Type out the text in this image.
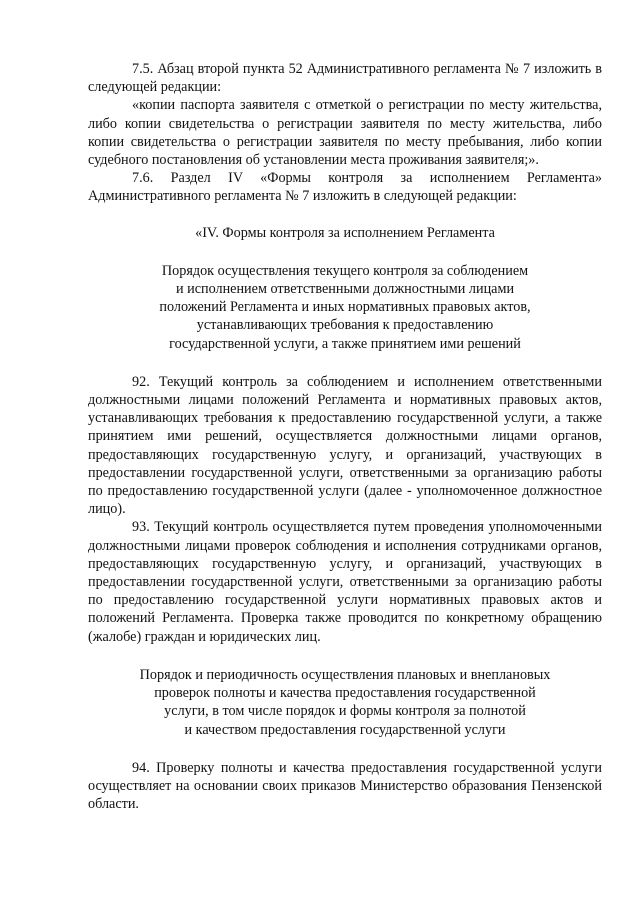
7.5. Абзац второй пункта 52 Административного регламента № 7 изложить в следующей редакции:

«копии паспорта заявителя с отметкой о регистрации по месту жительства, либо копии свидетельства о регистрации заявителя по месту жительства, либо копии свидетельства о регистрации заявителя по месту пребывания, либо копии судебного постановления об установлении места проживания заявителя;».

7.6. Раздел IV «Формы контроля за исполнением Регламента» Административного регламента № 7 изложить в следующей редакции:

«IV. Формы контроля за исполнением Регламента

Порядок осуществления текущего контроля за соблюдением

и исполнением ответственными должностными лицами

положений Регламента и иных нормативных правовых актов,

устанавливающих требования к предоставлению

государственной услуги, а также принятием ими решений

92. Текущий контроль за соблюдением и исполнением ответственными должностными лицами положений Регламента и нормативных правовых актов, устанавливающих требования к предоставлению государственной услуги, а также принятием ими решений, осуществляется должностными лицами органов, предоставляющих государственную услугу, и организаций, участвующих в предоставлении государственной услуги, ответственными за организацию работы по предоставлению государственной услуги (далее - уполномоченное должностное лицо).

93. Текущий контроль осуществляется путем проведения уполномоченными должностными лицами проверок соблюдения и исполнения сотрудниками органов, предоставляющих государственную услугу, и организаций, участвующих в предоставлении государственной услуги, ответственными за организацию работы по предоставлению государственной услуги нормативных правовых актов и положений Регламента. Проверка также проводится по конкретному обращению (жалобе) граждан и юридических лиц.

Порядок и периодичность осуществления плановых и внеплановых

проверок полноты и качества предоставления государственной

услуги, в том числе порядок и формы контроля за полнотой

и качеством предоставления государственной услуги

94. Проверку полноты и качества предоставления государственной услуги осуществляет на основании своих приказов Министерство образования Пензенской области.
